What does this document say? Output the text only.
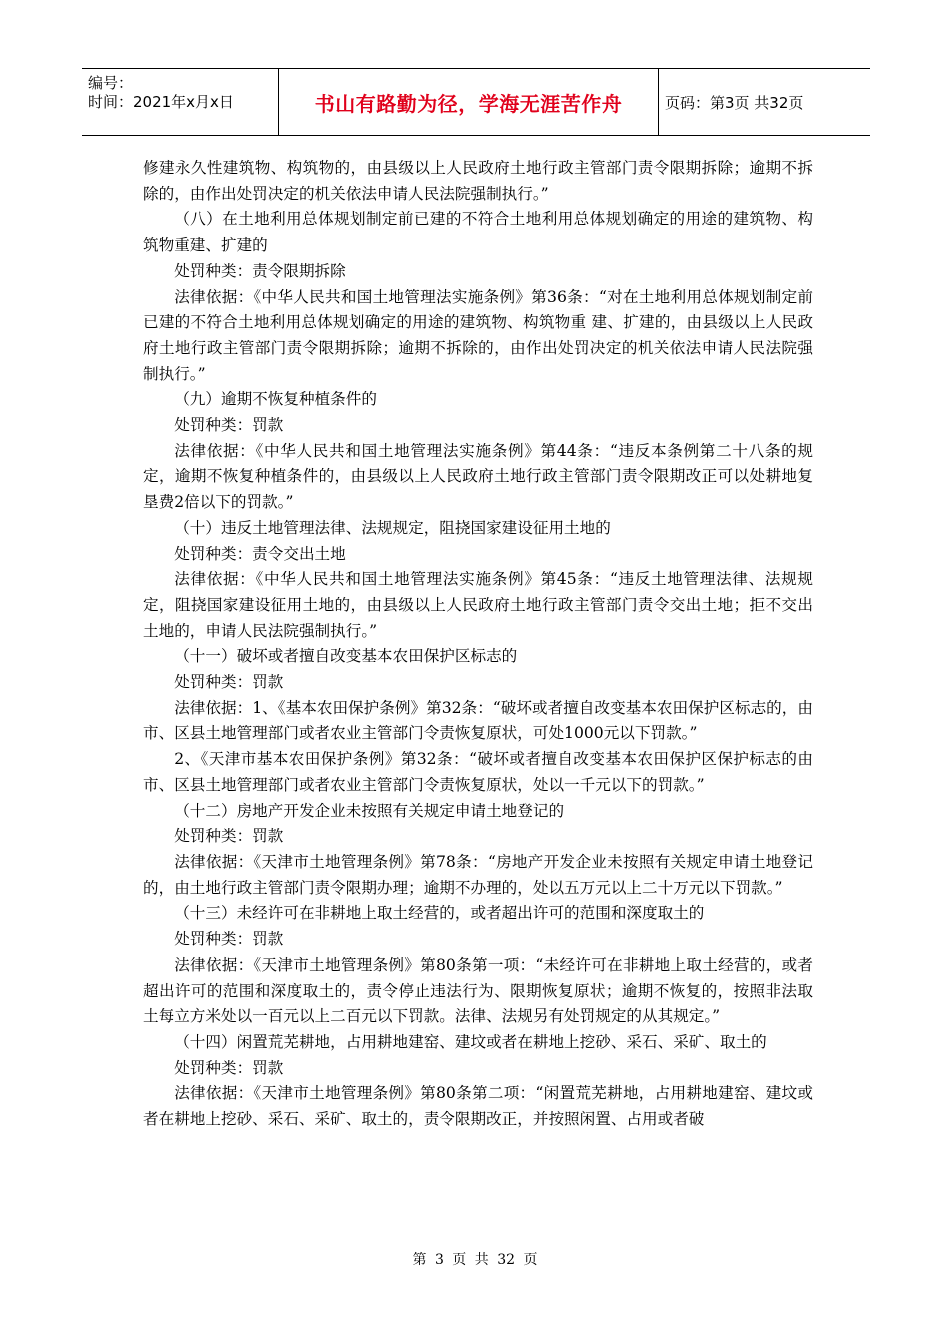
编号：
时间：2021年x月x日	书山有路勤为径，学海无涯苦作舟	页码：第3页 共32页

修建永久性建筑物、构筑物的，由县级以上人民政府土地行政主管部门责令限期拆除；逾期不拆除的，由作出处罚决定的机关依法申请人民法院强制执行。”

（八）在土地利用总体规划制定前已建的不符合土地利用总体规划确定的用途的建筑物、构筑物重建、扩建的

处罚种类：责令限期拆除

法律依据：《中华人民共和国土地管理法实施条例》第36条：“对在土地利用总体规划制定前已建的不符合土地利用总体规划确定的用途的建筑物、构筑物重 建、扩建的，由县级以上人民政府土地行政主管部门责令限期拆除；逾期不拆除的，由作出处罚决定的机关依法申请人民法院强制执行。”

（九）逾期不恢复种植条件的

处罚种类：罚款

法律依据：《中华人民共和国土地管理法实施条例》第44条：“违反本条例第二十八条的规定，逾期不恢复种植条件的，由县级以上人民政府土地行政主管部门责令限期改正可以处耕地复垦费2倍以下的罚款。”

（十）违反土地管理法律、法规规定，阻挠国家建设征用土地的

处罚种类：责令交出土地

法律依据：《中华人民共和国土地管理法实施条例》第45条：“违反土地管理法律、法规规定，阻挠国家建设征用土地的，由县级以上人民政府土地行政主管部门责令交出土地；拒不交出土地的，申请人民法院强制执行。”

（十一）破坏或者擅自改变基本农田保护区标志的

处罚种类：罚款

法律依据：1、《基本农田保护条例》第32条：“破坏或者擅自改变基本农田保护区标志的，由市、区县土地管理部门或者农业主管部门令责恢复原状，可处1000元以下罚款。”

2、《天津市基本农田保护条例》第32条：“破坏或者擅自改变基本农田保护区保护标志的由市、区县土地管理部门或者农业主管部门令责恢复原状，处以一千元以下的罚款。”

（十二）房地产开发企业未按照有关规定申请土地登记的

处罚种类：罚款

法律依据：《天津市土地管理条例》第78条：“房地产开发企业未按照有关规定申请土地登记的，由土地行政主管部门责令限期办理；逾期不办理的，处以五万元以上二十万元以下罚款。”

（十三）未经许可在非耕地上取土经营的，或者超出许可的范围和深度取土的

处罚种类：罚款

法律依据：《天津市土地管理条例》第80条第一项：“未经许可在非耕地上取土经营的，或者超出许可的范围和深度取土的，责令停止违法行为、限期恢复原状；逾期不恢复的，按照非法取土每立方米处以一百元以上二百元以下罚款。法律、法规另有处罚规定的从其规定。”

（十四）闲置荒芜耕地，占用耕地建窑、建坟或者在耕地上挖砂、采石、采矿、取土的

处罚种类：罚款

法律依据：《天津市土地管理条例》第80条第二项：“闲置荒芜耕地，占用耕地建窑、建坟或者在耕地上挖砂、采石、采矿、取土的，责令限期改正，并按照闲置、占用或者破

第 3 页 共 32 页
